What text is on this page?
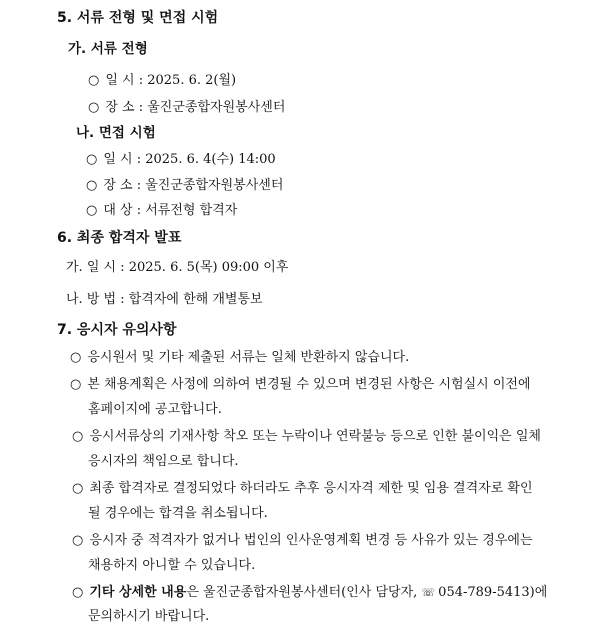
5. 서류 전형 및 면접 시험
가. 서류 전형
○ 일 시 : 2025. 6. 2(월)
○ 장 소 : 울진군종합자원봉사센터
나. 면접 시험
○ 일 시 : 2025. 6. 4(수) 14:00
○ 장 소 : 울진군종합자원봉사센터
○ 대 상 : 서류전형 합격자
6. 최종 합격자 발표
가. 일 시 : 2025. 6. 5(목) 09:00 이후
나. 방 법 : 합격자에 한해 개별통보
7. 응시자 유의사항
○ 응시원서 및 기타 제출된 서류는 일체 반환하지 않습니다.
○ 본 채용계획은 사정에 의하여 변경될 수 있으며 변경된 사항은 시험실시 이전에
홈페이지에 공고합니다.
○ 응시서류상의 기재사항 착오 또는 누락이나 연락불능 등으로 인한 불이익은 일체
응시자의 책임으로 합니다.
○ 최종 합격자로 결정되었다 하더라도 추후 응시자격 제한 및 임용 결격자로 확인
될 경우에는 합격을 취소됩니다.
○ 응시자 중 적격자가 없거나 법인의 인사운영계획 변경 등 사유가 있는 경우에는
채용하지 아니할 수 있습니다.
○ 기타 상세한 내용은 울진군종합자원봉사센터(인사 담당자, ☏ 054-789-5413)에
문의하시기 바랍니다.
